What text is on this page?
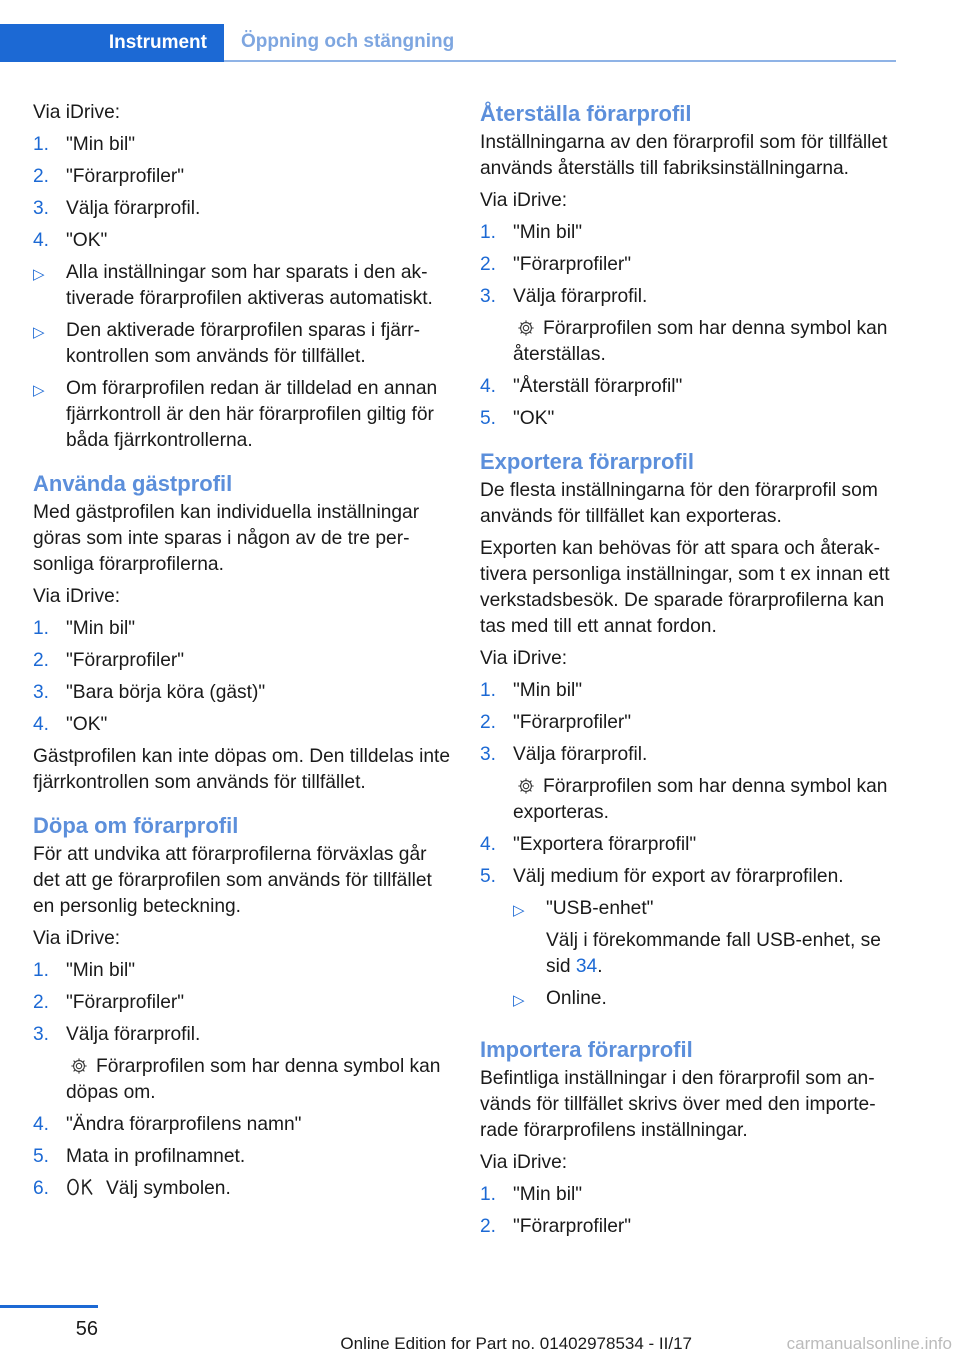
Instrument	Öppning och stängning

Via iDrive:

1. "Min bil"
2. "Förarprofiler"
3. Välja förarprofil.
4. "OK"
▷	Alla inställningar som har sparats i den aktiverade förarprofilen aktiveras automatiskt.
▷	Den aktiverade förarprofilen sparas i fjärrkontrollen som används för tillfället.
▷	Om förarprofilen redan är tilldelad en annan fjärrkontroll är den här förarprofilen giltig för båda fjärrkontrollerna.
Använda gästprofil

Med gästprofilen kan individuella inställningar göras som inte sparas i någon av de tre personliga förarprofilerna.

Via iDrive:

1. "Min bil"
2. "Förarprofiler"
3. "Bara börja köra (gäst)"
4. "OK"

Gästprofilen kan inte döpas om. Den tilldelas inte fjärrkontrollen som används för tillfället.

Döpa om förarprofil

För att undvika att förarprofilerna förväxlas går det att ge förarprofilen som används för tillfället en personlig beteckning.

Via iDrive:

1. "Min bil"
2. "Förarprofiler"
3. Välja förarprofil.
Förarprofilen som har denna symbol kan döpas om.
4. "Ändra förarprofilens namn"
5. Mata in profilnamnet.
6.	Välj symbolen.
Återställa förarprofil

Inställningarna av den förarprofil som för tillfället används återställs till fabriksinställningarna.

Via iDrive:

1. "Min bil"
2. "Förarprofiler"
3. Välja förarprofil.
Förarprofilen som har denna symbol kan återställas.
4. "Återställ förarprofil"
5. "OK"
Exportera förarprofil

De flesta inställningarna för den förarprofil som används för tillfället kan exporteras.

Exporten kan behövas för att spara och återaktivera personliga inställningar, som t ex innan ett verkstadsbesök. De sparade förarprofilerna kan tas med till ett annat fordon.

Via iDrive:

1. "Min bil"
2. "Förarprofiler"
3. Välja förarprofil.
Förarprofilen som har denna symbol kan exporteras.
4. "Exportera förarprofil"
5. Välj medium för export av förarprofilen.
▷	"USB-enhet"
Välj i förekommande fall USB-enhet, se sid 34.
▷	Online.
Importera förarprofil

Befintliga inställningar i den förarprofil som används för tillfället skrivs över med den importerade förarprofilens inställningar.

Via iDrive:

1. "Min bil"
2. "Förarprofiler"
56
Online Edition for Part no. 01402978534 - II/17	carmanualsonline.info
